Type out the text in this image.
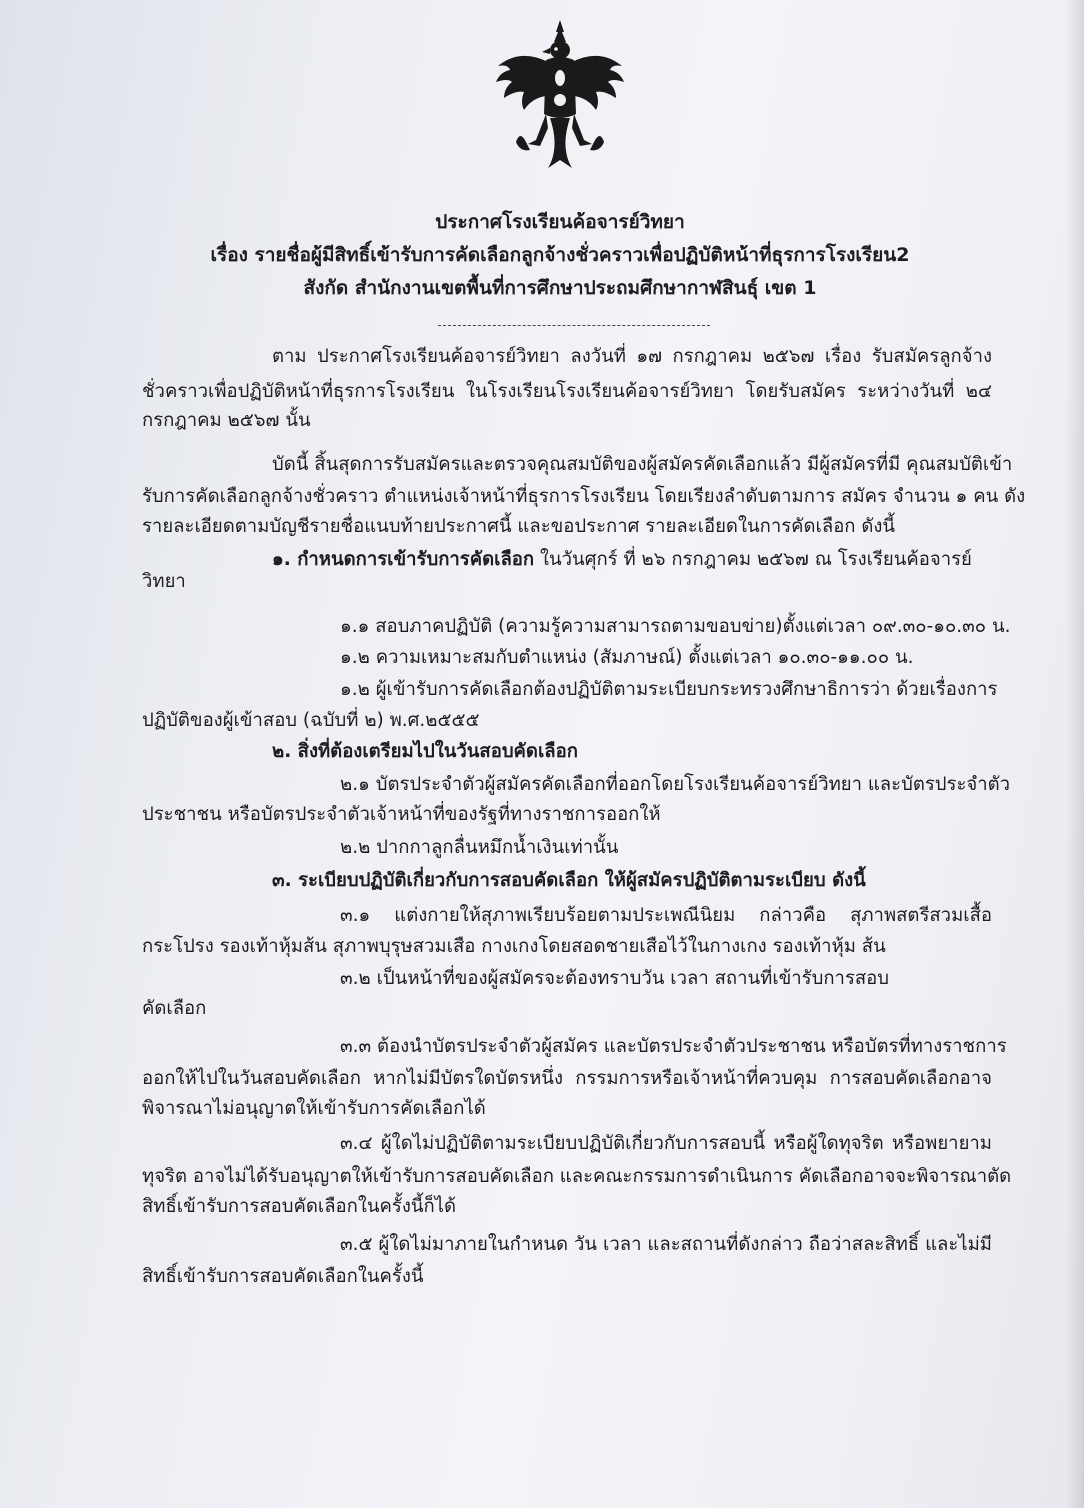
ประกาศโรงเรียนค้อจารย์วิทยา
เรื่อง รายชื่อผู้มีสิทธิ์เข้ารับการคัดเลือกลูกจ้างชั่วคราวเพื่อปฏิบัติหน้าที่ธุรการโรงเรียน2
สังกัด สำนักงานเขตพื้นที่การศึกษาประถมศึกษากาฬสินธุ์ เขต 1
ตาม ประกาศโรงเรียนค้อจารย์วิทยา ลงวันที่ ๑๗ กรกฎาคม ๒๕๖๗ เรื่อง รับสมัครลูกจ้าง
ชั่วคราวเพื่อปฏิบัติหน้าที่ธุรการโรงเรียน ในโรงเรียนโรงเรียนค้อจารย์วิทยา โดยรับสมัคร ระหว่างวันที่ ๒๔
กรกฎาคม ๒๕๖๗ นั้น
บัดนี้ สิ้นสุดการรับสมัครและตรวจคุณสมบัติของผู้สมัครคัดเลือกแล้ว มีผู้สมัครที่มี คุณสมบัติเข้า
รับการคัดเลือกลูกจ้างชั่วคราว ตำแหน่งเจ้าหน้าที่ธุรการโรงเรียน โดยเรียงลำดับตามการ สมัคร จำนวน ๑ คน ดัง
รายละเอียดตามบัญชีรายชื่อแนบท้ายประกาศนี้ และขอประกาศ รายละเอียดในการคัดเลือก ดังนี้
๑. กำหนดการเข้ารับการคัดเลือก ในวันศุกร์ ที่ ๒๖ กรกฎาคม ๒๕๖๗ ณ โรงเรียนค้อจารย์
วิทยา
๑.๑ สอบภาคปฏิบัติ (ความรู้ความสามารถตามขอบข่าย)ตั้งแต่เวลา ๐๙.๓๐-๑๐.๓๐ น.
๑.๒ ความเหมาะสมกับตำแหน่ง (สัมภาษณ์) ตั้งแต่เวลา ๑๐.๓๐-๑๑.๐๐ น.
๑.๒ ผู้เข้ารับการคัดเลือกต้องปฏิบัติตามระเบียบกระทรวงศึกษาธิการว่า ด้วยเรื่องการ
ปฏิบัติของผู้เข้าสอบ (ฉบับที่ ๒) พ.ศ.๒๕๕๕
๒. สิ่งที่ต้องเตรียมไปในวันสอบคัดเลือก
๒.๑ บัตรประจำตัวผู้สมัครคัดเลือกที่ออกโดยโรงเรียนค้อจารย์วิทยา และบัตรประจำตัว
ประชาชน หรือบัตรประจำตัวเจ้าหน้าที่ของรัฐที่ทางราชการออกให้
๒.๒ ปากกาลูกลื่นหมึกน้ำเงินเท่านั้น
๓. ระเบียบปฏิบัติเกี่ยวกับการสอบคัดเลือก ให้ผู้สมัครปฏิบัติตามระเบียบ ดังนี้
๓.๑ แต่งกายให้สุภาพเรียบร้อยตามประเพณีนิยม กล่าวคือ สุภาพสตรีสวมเสื้อ
กระโปรง รองเท้าหุ้มส้น สุภาพบุรุษสวมเสือ กางเกงโดยสอดชายเสือไว้ในกางเกง รองเท้าหุ้ม ส้น
๓.๒ เป็นหน้าที่ของผู้สมัครจะต้องทราบวัน เวลา สถานที่เข้ารับการสอบ
คัดเลือก
๓.๓ ต้องนำบัตรประจำตัวผู้สมัคร และบัตรประจำตัวประชาชน หรือบัตรที่ทางราชการ
ออกให้ไปในวันสอบคัดเลือก หากไม่มีบัตรใดบัตรหนึ่ง กรรมการหรือเจ้าหน้าที่ควบคุม การสอบคัดเลือกอาจ
พิจารณาไม่อนุญาตให้เข้ารับการคัดเลือกได้
๓.๔ ผู้ใดไม่ปฏิบัติตามระเบียบปฏิบัติเกี่ยวกับการสอบนี้ หรือผู้ใดทุจริต หรือพยายาม
ทุจริต อาจไม่ได้รับอนุญาตให้เข้ารับการสอบคัดเลือก และคณะกรรมการดำเนินการ คัดเลือกอาจจะพิจารณาตัด
สิทธิ์เข้ารับการสอบคัดเลือกในครั้งนี้ก็ได้
๓.๕ ผู้ใดไม่มาภายในกำหนด วัน เวลา และสถานที่ดังกล่าว ถือว่าสละสิทธิ์ และไม่มี
สิทธิ์เข้ารับการสอบคัดเลือกในครั้งนี้
